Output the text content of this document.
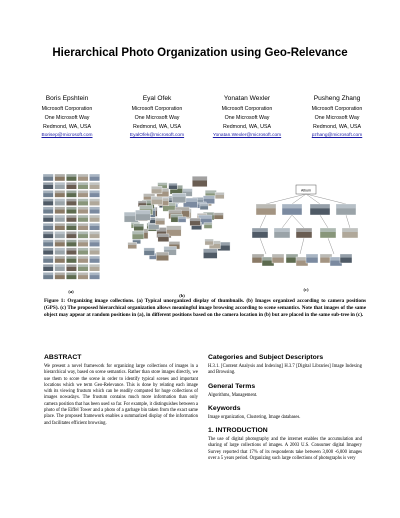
Hierarchical Photo Organization using Geo-Relevance
Boris Epshtein
Microsoft Corporation
One Microsoft Way
Redmond, WA, USA
Borisep@microsoft.com
Eyal Ofek
Microsoft Corporation
One Microsoft Way
Redmond, WA, USA
EyalOfek@microsoft.com
Yonatan Wexler
Microsoft Corporation
One Microsoft Way
Redmond, WA, USA
Yonatan.Wexler@microsoft.com
Pusheng Zhang
Microsoft Corporation
One Microsoft Way
Redmond, WA, USA
pzhang@microsoft.com
(a)
(b)
Album
(c)
Figure 1: Organizing image collections. (a) Typical unorganized display of thumbnails. (b) Images organized according to camera positions (GPS). (c) The proposed hierarchical organization allows meaningful image browsing according to scene semantics. Note that images of the same object may appear at random positions in (a), in different positions based on the camera location in (b) but are placed in the same sub-tree in (c).
ABSTRACT
We present a novel framework for organizing large collections of images in a hierarchical way, based on scene semantics. Rather than store images directly, we use them to score the scene in order to identify typical scenes and important locations which we term Geo-Relevance. This is done by relating each image with its viewing frustum which can be readily computed for huge collections of images nowadays. The frustum contains much more information than only camera position that has been used so far. For example, it distinguishes between a photo of the Eiffel Tower and a photo of a garbage bin taken from the exact same place. The proposed framework enables a summarized display of the information and facilitates efficient browsing.
Categories and Subject Descriptors
H.3.1. [Content Analysis and Indexing] H.3.7 [Digital Libraries] Image Indexing and Browsing.
General Terms
Algorithms, Management.
Keywords
Image organization, Clustering, Image databases.
1. INTRODUCTION
The use of digital photography and the internet enables the accumulation and sharing of large collections of images. A 2003 U.S. Consumer digital Imagery Survey reported that 17% of its respondents take between 3,000 -6,000 images over a 5 years period. Organizing such large collections of photographs is very
